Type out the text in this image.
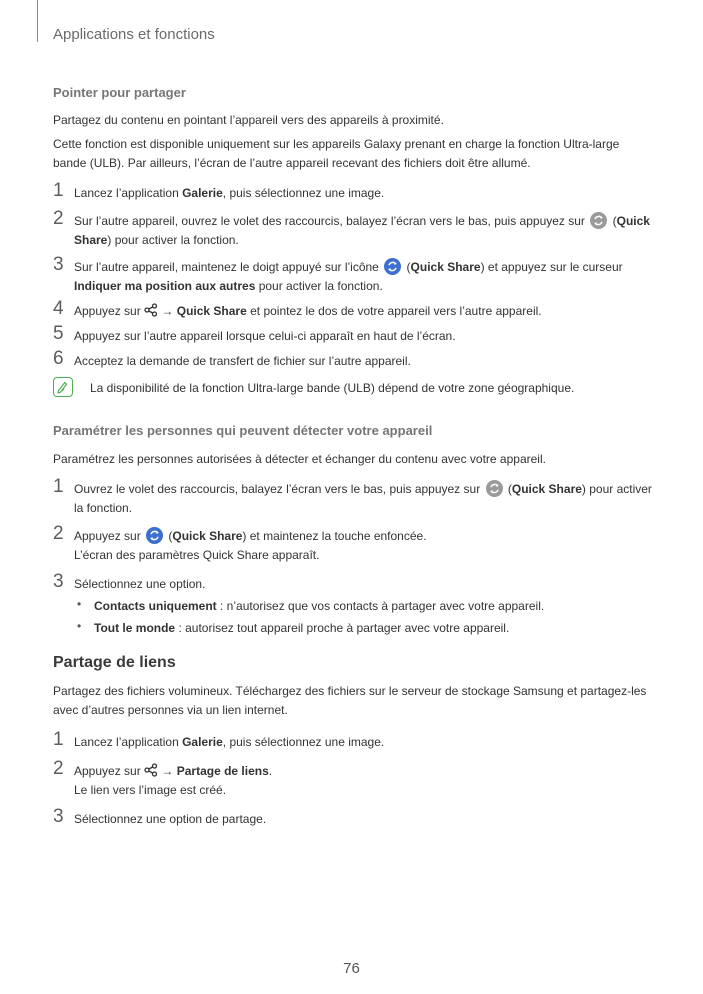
Applications et fonctions
Pointer pour partager
Partagez du contenu en pointant l’appareil vers des appareils à proximité.
Cette fonction est disponible uniquement sur les appareils Galaxy prenant en charge la fonction Ultra-large
bande (ULB). Par ailleurs, l’écran de l’autre appareil recevant des fichiers doit être allumé.
1 Lancez l’application Galerie, puis sélectionnez une image.
2 Sur l’autre appareil, ouvrez le volet des raccourcis, balayez l’écran vers le bas, puis appuyez sur
(Quick
Share) pour activer la fonction.
3 Sur l’autre appareil, maintenez le doigt appuyé sur l’icône
(Quick Share) et appuyez sur le curseur
Indiquer ma position aux autres pour activer la fonction.
4 Appuyez sur  → Quick Share et pointez le dos de votre appareil vers l’autre appareil.
5 Appuyez sur l’autre appareil lorsque celui-ci apparaît en haut de l’écran.
6 Acceptez la demande de transfert de fichier sur l’autre appareil.
La disponibilité de la fonction Ultra-large bande (ULB) dépend de votre zone géographique.
Paramétrer les personnes qui peuvent détecter votre appareil
Paramétrez les personnes autorisées à détecter et échanger du contenu avec votre appareil.
1 Ouvrez le volet des raccourcis, balayez l’écran vers le bas, puis appuyez sur
(Quick Share) pour activer
la fonction.
2 Appuyez sur
(Quick Share) et maintenez la touche enfoncée.
L’écran des paramètres Quick Share apparaît.
3 Sélectionnez une option.
• Contacts uniquement : n’autorisez que vos contacts à partager avec votre appareil.
• Tout le monde : autorisez tout appareil proche à partager avec votre appareil.
Partage de liens
Partagez des fichiers volumineux. Téléchargez des fichiers sur le serveur de stockage Samsung et partagez-les
avec d’autres personnes via un lien internet.
1 Lancez l’application Galerie, puis sélectionnez une image.
2 Appuyez sur  → Partage de liens.
Le lien vers l’image est créé.
3 Sélectionnez une option de partage.
76
